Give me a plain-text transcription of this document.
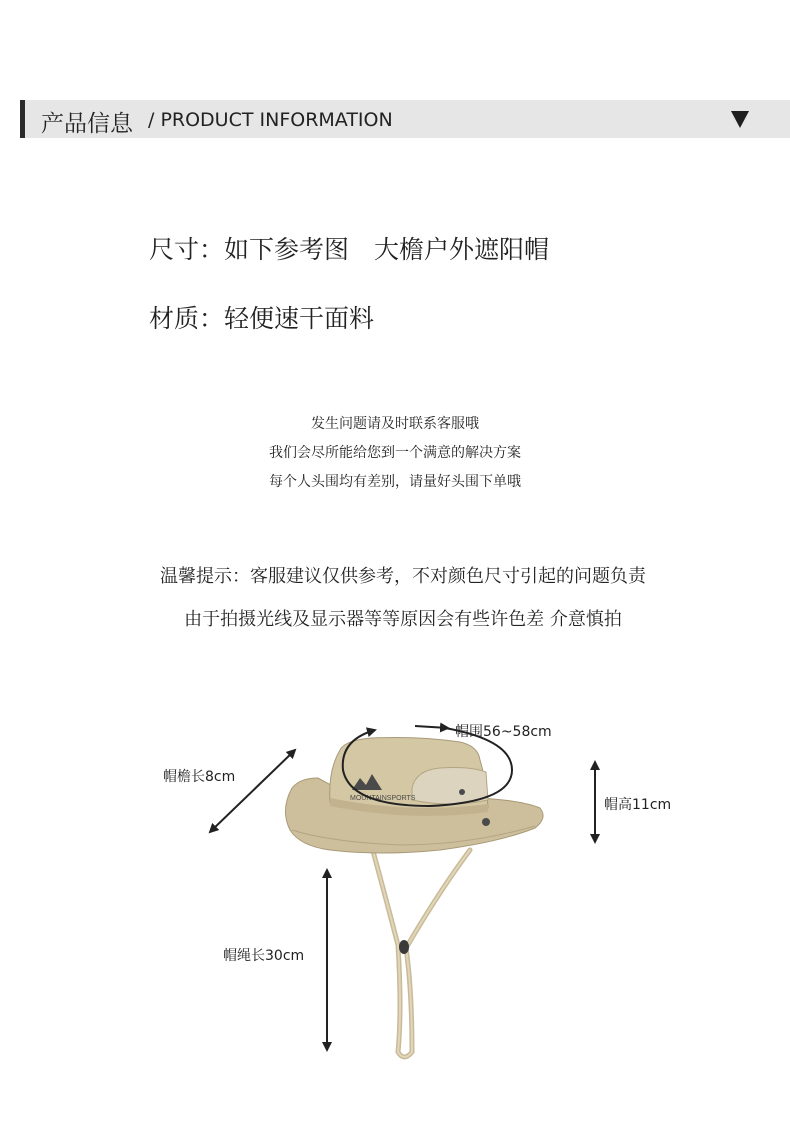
产品信息 / PRODUCT INFORMATION
尺寸：如下参考图　大檐户外遮阳帽
材质：轻便速干面料
发生问题请及时联系客服哦
我们会尽所能给您到一个满意的解决方案
每个人头围均有差别，请量好头围下单哦
温馨提示：客服建议仅供参考，不对颜色尺寸引起的问题负责
由于拍摄光线及显示器等等原因会有些许色差 介意慎拍
MOUNTAINSPORTS
帽檐长8cm
帽围56~58cm
帽高11cm
帽绳长30cm
